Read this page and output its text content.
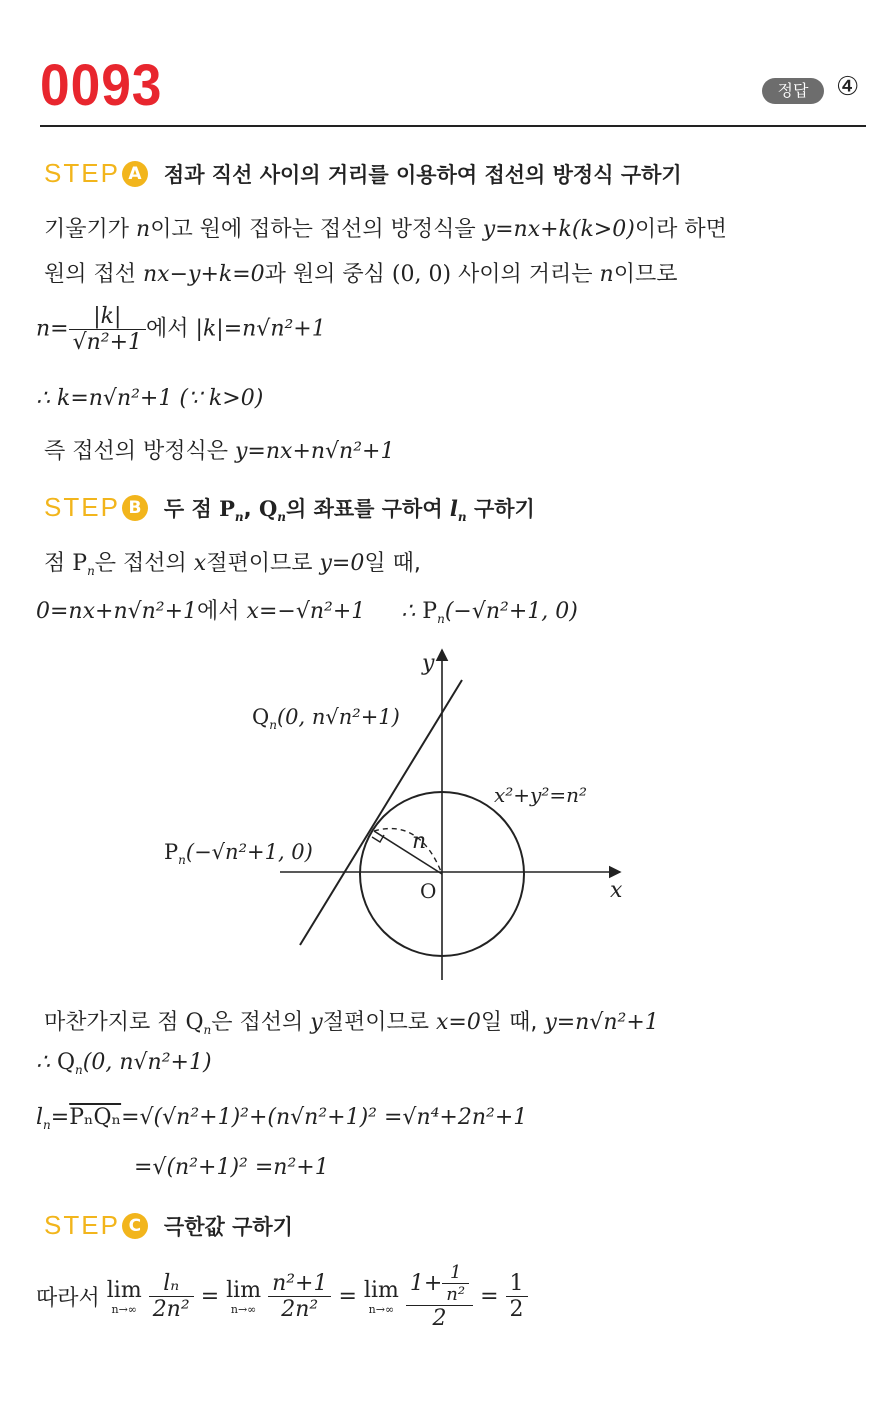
0093	정답	④
STEP A 점과 직선 사이의 거리를 이용하여 접선의 방정식 구하기
기울기가 n이고 원에 접하는 접선의 방정식을 y=nx+k(k>0)이라 하면
원의 접선 nx−y+k=0과 원의 중심 (0, 0) 사이의 거리는 n이므로
$n= \frac{|k|}{\text{√n²+1}}$ 에서 |k|=n√n²+1
∴ k=n√n²+1 (∵ k>0)
즉 접선의 방정식은 y=nx+n√n²+1
STEP B 두 점 $P_n$, $Q_n$의 좌표를 구하여 $l_n$ 구하기
점 $P_n$은 접선의 x절편이므로 y=0일 때,
0=nx+n√n²+1에서 x=−√n²+1 ∴ $P_n(-√n^2+1$, 0)
y
x
O
n
x²+y²=n²
$Q_n(0$, n√n²+1)
$P_n(-√n^2+1$, 0)
마찬가지로 점 $Q_n$은 접선의 y절편이므로 x=0일 때, y=n√n²+1
∴ $Q_n(0$, n√n²+1)
$l_n=P_nQ_n=√(√n^2+1)^2+(n√n^2+1)^2 =√n^4+2n^2+1$
=√(n²+1)² =n²+1
STEP C 극한값 구하기
따라서 lim
n→∞
$\frac{\text{lₙ}}{\text{2n²}} = \lim$
n→∞
$\frac{\text{n²+1}}{\text{2n²}} = \lim$
n→∞
$\frac{1+ \frac{1}{\text{n²}}}{2} = \frac{1}{2}$
